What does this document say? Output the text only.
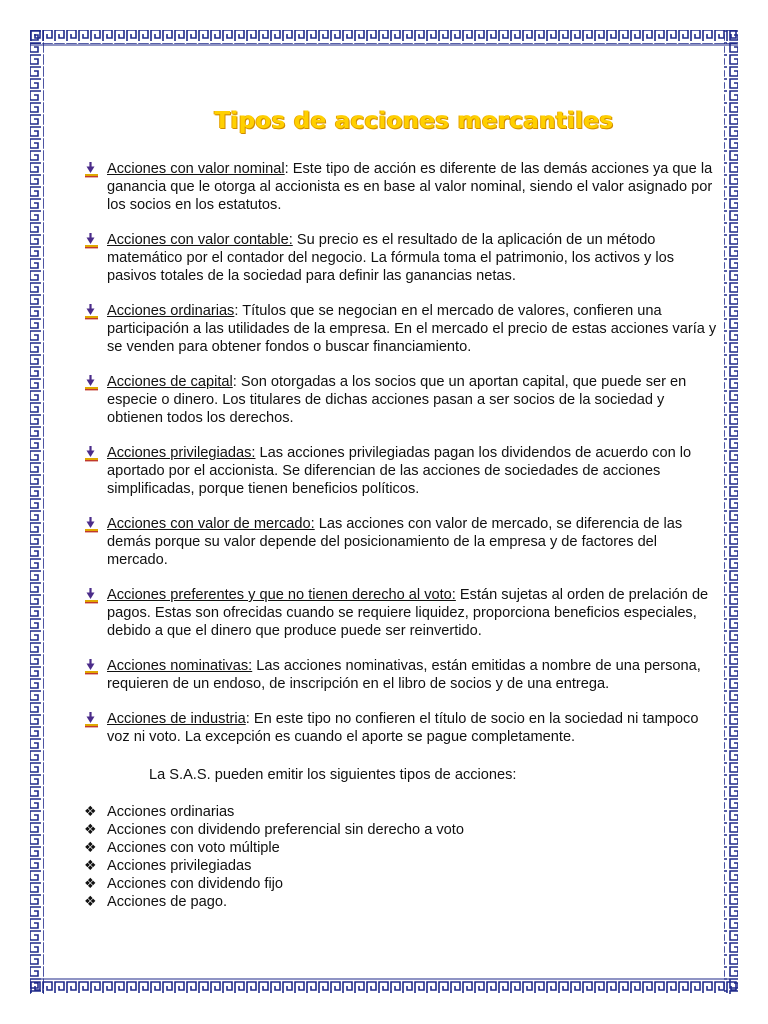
Tipos de acciones mercantiles
Acciones con valor nominal: Este tipo de acción es diferente de las demás acciones ya que la ganancia que le otorga al accionista es en base al valor nominal, siendo el valor asignado por los socios en los estatutos.
Acciones con valor contable: Su precio es el resultado de la aplicación de un método matemático por el contador del negocio. La fórmula toma el patrimonio, los activos y los pasivos totales de la sociedad para definir las ganancias netas.
Acciones ordinarias: Títulos que se negocian en el mercado de valores, confieren una participación a las utilidades de la empresa. En el mercado el precio de estas acciones varía y se venden para obtener fondos o buscar financiamiento.
Acciones de capital: Son otorgadas a los socios que un aportan capital, que puede ser en especie o dinero. Los titulares de dichas acciones pasan a ser socios de la sociedad y obtienen todos los derechos.
Acciones privilegiadas: Las acciones privilegiadas pagan los dividendos de acuerdo con lo aportado por el accionista. Se diferencian de las acciones de sociedades de acciones simplificadas, porque tienen beneficios políticos.
Acciones con valor de mercado: Las acciones con valor de mercado, se diferencia de las demás porque su valor depende del posicionamiento de la empresa y de factores del mercado.
Acciones preferentes y que no tienen derecho al voto: Están sujetas al orden de prelación de pagos. Estas son ofrecidas cuando se requiere liquidez, proporciona beneficios especiales, debido a que el dinero que produce puede ser reinvertido.
Acciones nominativas: Las acciones nominativas, están emitidas a nombre de una persona, requieren de un endoso, de inscripción en el libro de socios y de una entrega.
Acciones de industria: En este tipo no confieren el título de socio en la sociedad ni tampoco voz ni voto. La excepción es cuando el aporte se pague completamente.
La S.A.S. pueden emitir los siguientes tipos de acciones:
❖ Acciones ordinarias
❖ Acciones con dividendo preferencial sin derecho a voto
❖ Acciones con voto múltiple
❖ Acciones privilegiadas
❖ Acciones con dividendo fijo
❖ Acciones de pago.
